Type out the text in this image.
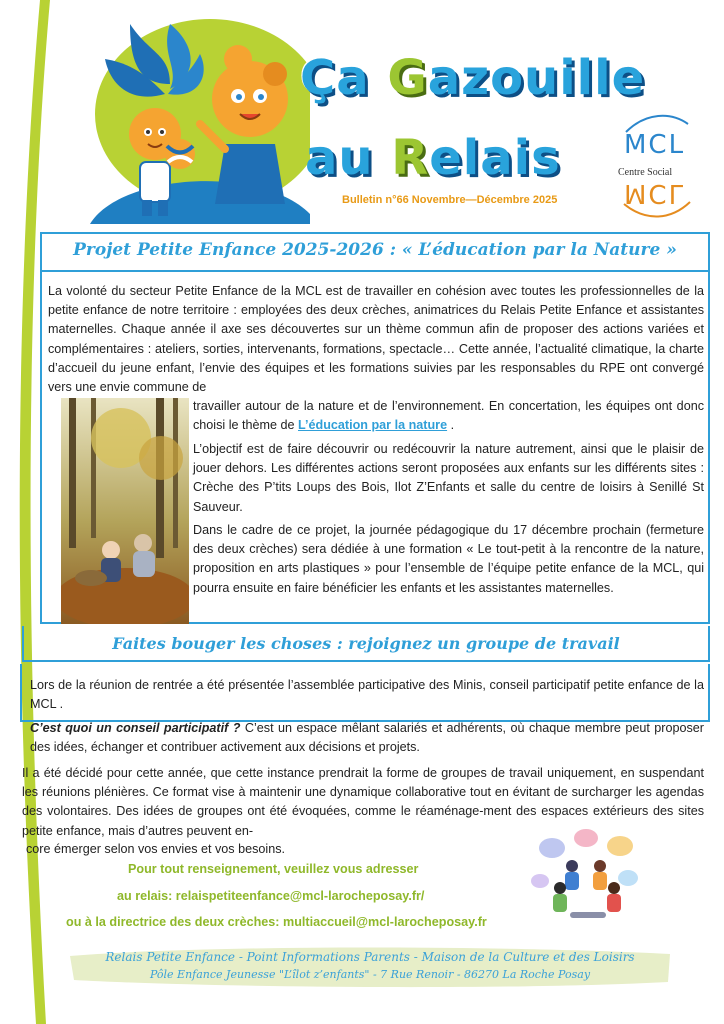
Ça Gazouille
au Relais
Bulletin n°66 Novembre—Décembre 2025
MCL
Centre Social
MCL
Projet Petite Enfance 2025-2026 : « L’éducation par la Nature »

La volonté du secteur Petite Enfance de la MCL est de travailler en cohésion avec toutes les professionnelles de la petite enfance de notre territoire : employées des deux crèches, animatrices du Relais Petite Enfance et assistantes maternelles. Chaque année il axe ses découvertes sur un thème commun afin de proposer des actions variées et complémentaires : ateliers, sorties, intervenants, formations, spectacle… Cette année, l’actualité climatique, la charte d’accueil du jeune enfant, l’envie des équipes et les formations suivies par les responsables du RPE ont convergé vers une envie commune de

travailler autour de la nature et de l’environnement. En concertation, les équipes ont donc choisi le thème de L’éducation par la nature .

L’objectif est de faire découvrir ou redécouvrir la nature autrement, ainsi que le plaisir de jouer dehors. Les différentes actions seront proposées aux enfants sur les différents sites : Crèche des P’tits Loups des Bois, Ilot Z’Enfants et salle du centre de loisirs à Senillé St Sauveur.

Dans le cadre de ce projet, la journée pédagogique du 17 décembre prochain (fermeture des deux crèches) sera dédiée à une formation « Le tout-petit à la rencontre de la nature, proposition en arts plastiques » pour l’ensemble de l’équipe petite enfance de la MCL, qui pourra ensuite en faire bénéficier les enfants et les assistantes maternelles.

Faites bouger les choses : rejoignez un groupe de travail

Lors de la réunion de rentrée a été présentée l’assemblée participative des Minis, conseil participatif petite enfance de la MCL .

C’est quoi un conseil participatif ? C’est un espace mêlant salariés et adhérents, où chaque membre peut proposer des idées, échanger et contribuer activement aux décisions et projets.

Il a été décidé pour cette année, que cette instance prendrait la forme de groupes de travail uniquement, en suspendant les réunions plénières. Ce format vise à maintenir une dynamique collaborative tout en évitant de surcharger les agendas des volontaires. Des idées de groupes ont été évoquées, comme le réaménage-ment des espaces extérieurs des sites petite enfance, mais d’autres peuvent en-

core émerger selon vos envies et vos besoins.

Pour tout renseignement, veuillez vous adresser
au relais: relaispetiteenfance@mcl-larocheposay.fr/
ou à la directrice des deux crèches: multiaccueil@mcl-larocheposay.fr
Relais Petite Enfance - Point Informations Parents - Maison de la Culture et des Loisirs
Pôle Enfance Jeunesse "L’îlot z’enfants" - 7 Rue Renoir - 86270 La Roche Posay
